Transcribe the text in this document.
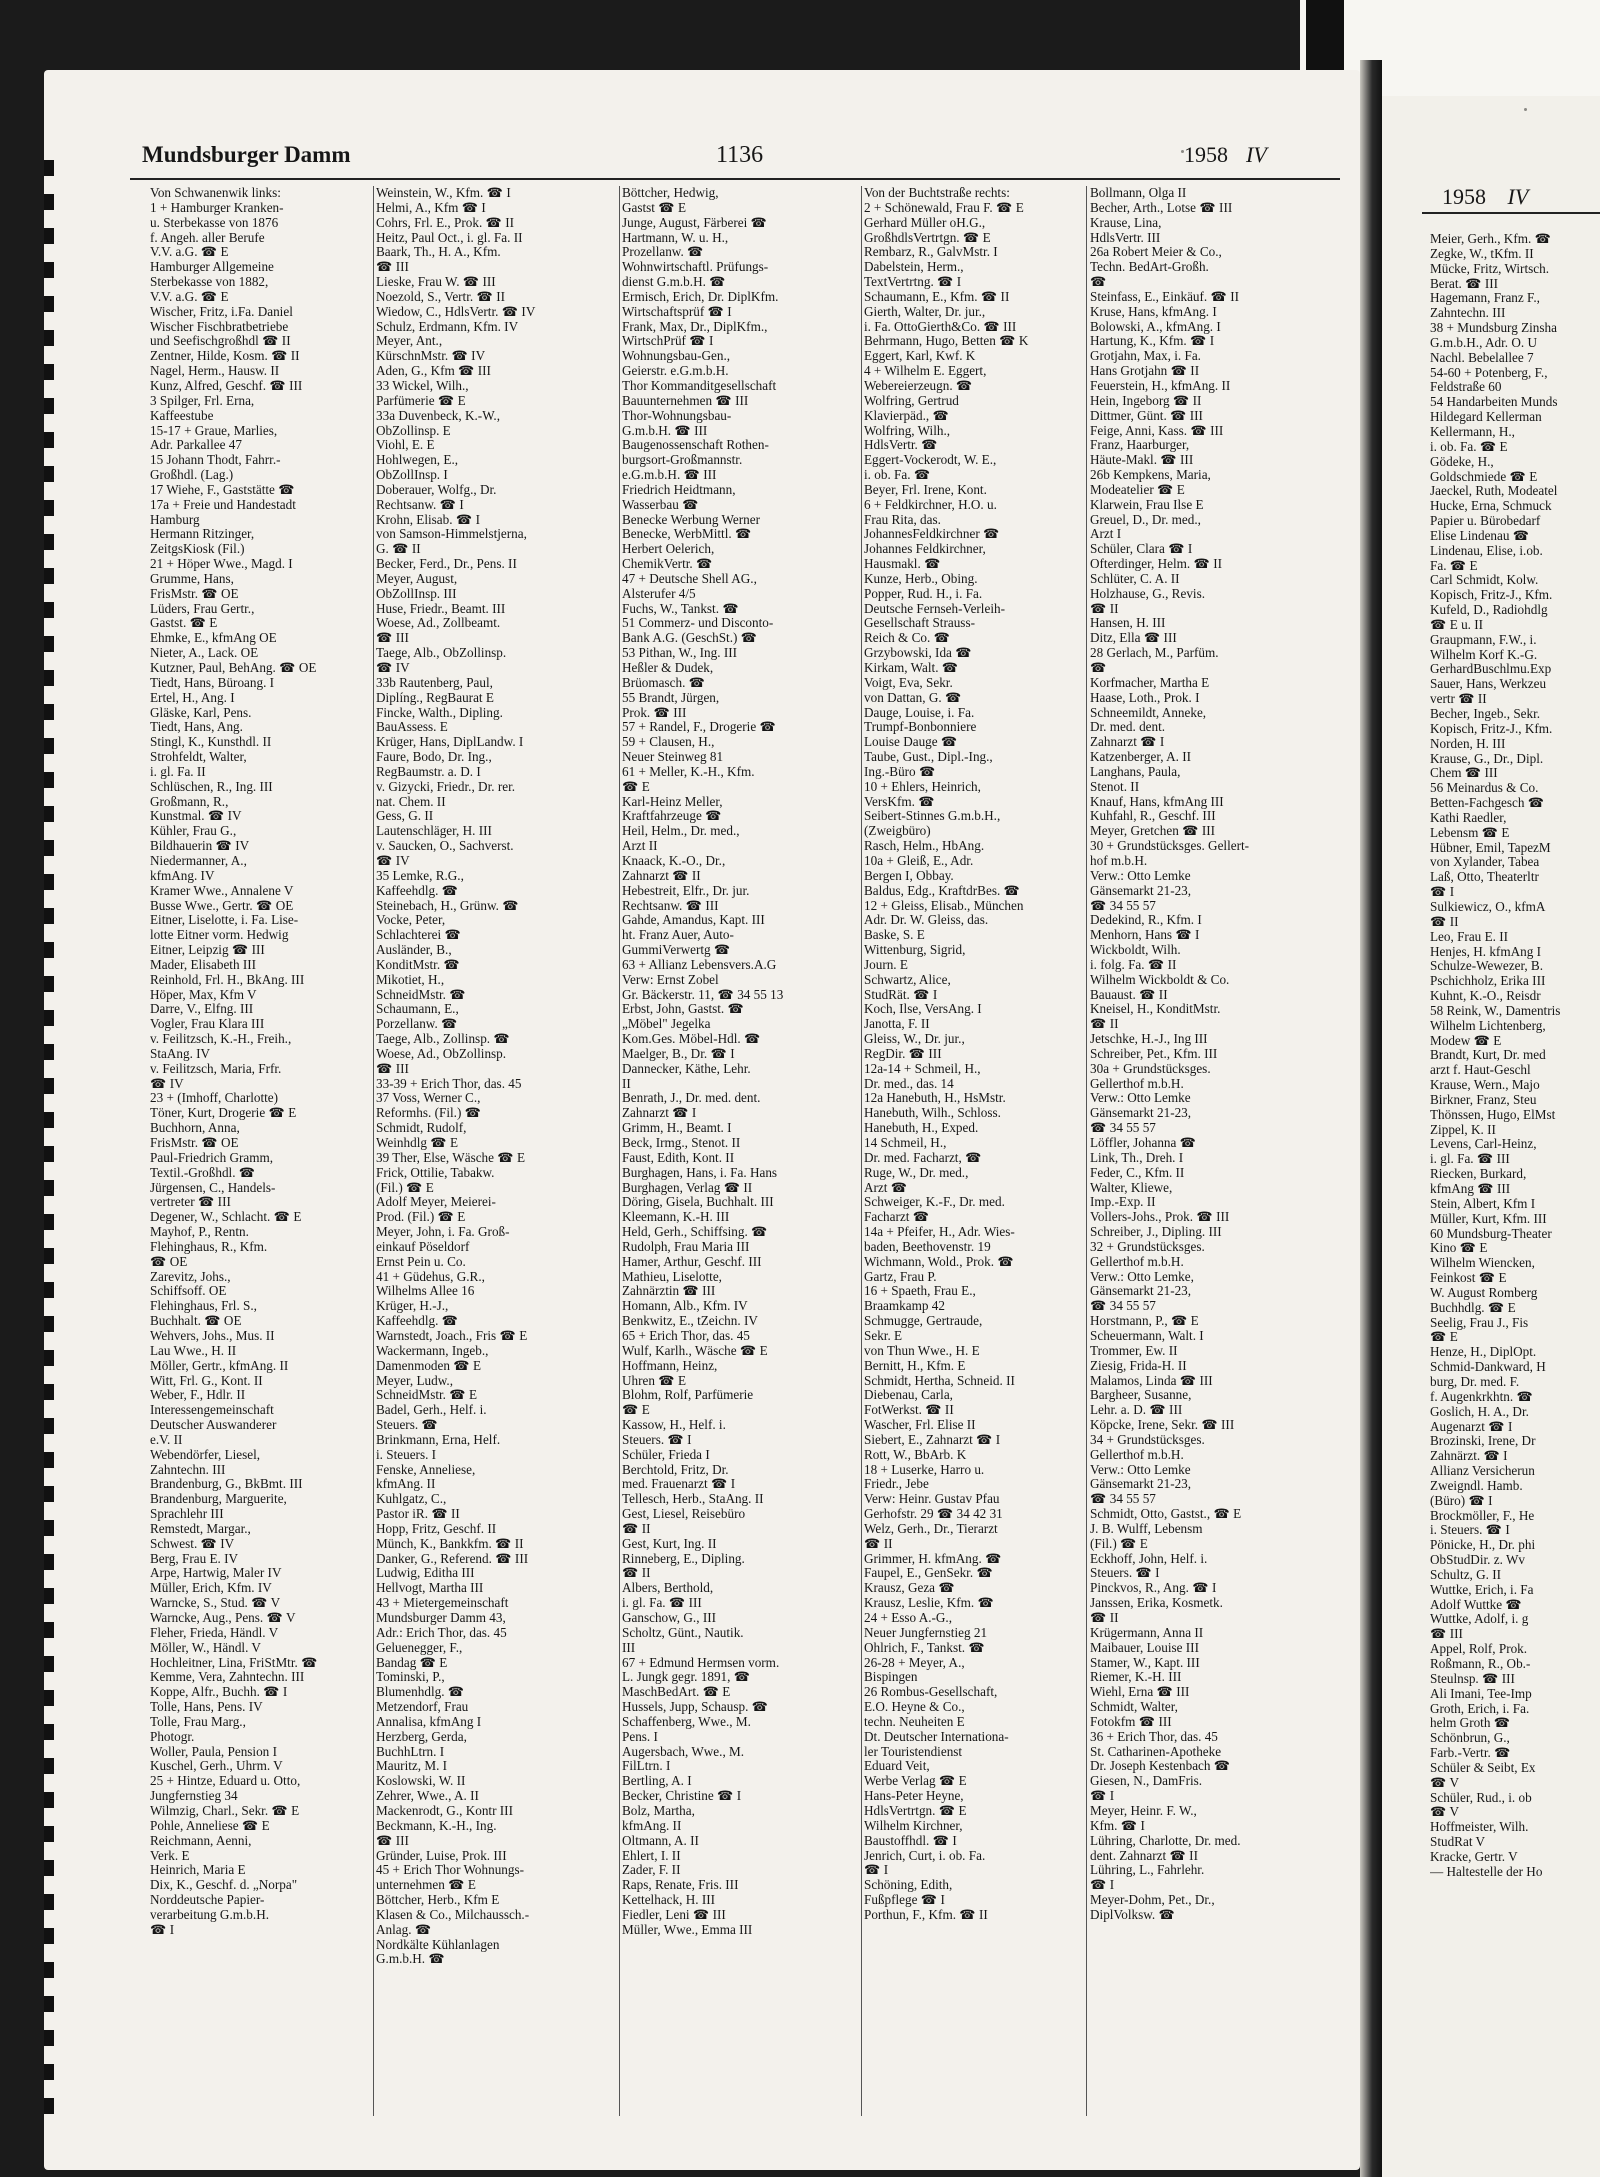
Mundsburger Damm	1136	1958 IV
1958 IV
Von Schwanenwik links:
1 + Hamburger Kranken-
u. Sterbekasse von 1876
f. Angeh. aller Berufe
V.V. a.G. ☎ E
Hamburger Allgemeine
Sterbekasse von 1882,
V.V. a.G. ☎ E
Wischer, Fritz, i.Fa. Daniel
Wischer Fischbratbetriebe
und Seefischgroßhdl ☎ II
Zentner, Hilde, Kosm. ☎ II
Nagel, Herm., Hausw. II
Kunz, Alfred, Geschf. ☎ III
3 Spilger, Frl. Erna,
Kaffeestube
15-17 + Graue, Marlies,
Adr. Parkallee 47
15 Johann Thodt, Fahrr.-
Großhdl. (Lag.)
17 Wiehe, F., Gaststätte ☎
17a + Freie und Handestadt
Hamburg
Hermann Ritzinger,
ZeitgsKiosk (Fil.)
21 + Höper Wwe., Magd. I
Grumme, Hans,
FrisMstr. ☎ OE
Lüders, Frau Gertr.,
Gastst. ☎ E
Ehmke, E., kfmAng OE
Nieter, A., Lack. OE
Kutzner, Paul, BehAng. ☎ OE
Tiedt, Hans, Büroang. I
Ertel, H., Ang. I
Gläske, Karl, Pens.
Tiedt, Hans, Ang.
Stingl, K., Kunsthdl. II
Strohfeldt, Walter,
i. gl. Fa. II
Schlüschen, R., Ing. III
Großmann, R.,
Kunstmal. ☎ IV
Kühler, Frau G.,
Bildhauerin ☎ IV
Niedermanner, A.,
kfmAng. IV
Kramer Wwe., Annalene V
Busse Wwe., Gertr. ☎ OE
Eitner, Liselotte, i. Fa. Lise-
lotte Eitner vorm. Hedwig
Eitner, Leipzig ☎ III
Mader, Elisabeth III
Reinhold, Frl. H., BkAng. III
Höper, Max, Kfm V
Darre, V., Elfng. III
Vogler, Frau Klara III
v. Feilitzsch, K.-H., Freih.,
StaAng. IV
v. Feilitzsch, Maria, Frfr.
☎ IV
23 + (Imhoff, Charlotte)
Töner, Kurt, Drogerie ☎ E
Buchhorn, Anna,
FrisMstr. ☎ OE
Paul-Friedrich Gramm,
Textil.-Großhdl. ☎
Jürgensen, C., Handels-
vertreter ☎ III
Degener, W., Schlacht. ☎ E
Mayhof, P., Rentn.
Flehinghaus, R., Kfm.
☎ OE
Zarevitz, Johs.,
Schiffsoff. OE
Flehinghaus, Frl. S.,
Buchhalt. ☎ OE
Wehvers, Johs., Mus. II
Lau Wwe., H. II
Möller, Gertr., kfmAng. II
Witt, Frl. G., Kont. II
Weber, F., Hdlr. II
Interessengemeinschaft
Deutscher Auswanderer
e.V. II
Webendörfer, Liesel,
Zahntechn. III
Brandenburg, G., BkBmt. III
Brandenburg, Marguerite,
Sprachlehr III
Remstedt, Margar.,
Schwest. ☎ IV
Berg, Frau E. IV
Arpe, Hartwig, Maler IV
Müller, Erich, Kfm. IV
Warncke, S., Stud. ☎ V
Warncke, Aug., Pens. ☎ V
Fleher, Frieda, Händl. V
Möller, W., Händl. V
Hochleitner, Lina, FriStMtr. ☎
Kemme, Vera, Zahntechn. III
Koppe, Alfr., Buchh. ☎ I
Tolle, Hans, Pens. IV
Tolle, Frau Marg.,
Photogr.
Woller, Paula, Pension I
Kuschel, Gerh., Uhrm. V
25 + Hintze, Eduard u. Otto,
Jungfernstieg 34
Wilmzig, Charl., Sekr. ☎ E
Pohle, Anneliese ☎ E
Reichmann, Aenni,
Verk. E
Heinrich, Maria E
Dix, K., Geschf. d. „Norpa"
Norddeutsche Papier-
verarbeitung G.m.b.H.
☎ I
Weinstein, W., Kfm. ☎ I
Helmi, A., Kfm ☎ I
Cohrs, Frl. E., Prok. ☎ II
Heitz, Paul Oct., i. gl. Fa. II
Baark, Th., H. A., Kfm.
☎ III
Lieske, Frau W. ☎ III
Noezold, S., Vertr. ☎ II
Wiedow, C., HdlsVertr. ☎ IV
Schulz, Erdmann, Kfm. IV
Meyer, Ant.,
KürschnMstr. ☎ IV
Aden, G., Kfm ☎ III
33 Wickel, Wilh.,
Parfümerie ☎ E
33a Duvenbeck, K.-W.,
ObZollinsp. E
Viohl, E. E
Hohlwegen, E.,
ObZollInsp. I
Doberauer, Wolfg., Dr.
Rechtsanw. ☎ I
Krohn, Elisab. ☎ I
von Samson-Himmelstjerna,
G. ☎ II
Becker, Ferd., Dr., Pens. II
Meyer, August,
ObZollInsp. III
Huse, Friedr., Beamt. III
Woese, Ad., Zollbeamt.
☎ III
Taege, Alb., ObZollinsp.
☎ IV
33b Rautenberg, Paul,
Diplíng., RegBaurat E
Fincke, Walth., Dipling.
BauAssess. E
Krüger, Hans, DiplLandw. I
Faure, Bodo, Dr. Ing.,
RegBaumstr. a. D. I
v. Gizycki, Friedr., Dr. rer.
nat. Chem. II
Gess, G. II
Lautenschläger, H. III
v. Saucken, O., Sachverst.
☎ IV
35 Lemke, R.G.,
Kaffeehdlg. ☎
Steinebach, H., Grünw. ☎
Vocke, Peter,
Schlachterei ☎
Ausländer, B.,
KonditMstr. ☎
Mikotiet, H.,
SchneidMstr. ☎
Schaumann, E.,
Porzellanw. ☎
Taege, Alb., Zollinsp. ☎
Woese, Ad., ObZollinsp.
☎ III
33-39 + Erich Thor, das. 45
37 Voss, Werner C.,
Reformhs. (Fil.) ☎
Schmidt, Rudolf,
Weinhdlg ☎ E
39 Ther, Else, Wäsche ☎ E
Frick, Ottilie, Tabakw.
(Fil.) ☎ E
Adolf Meyer, Meierei-
Prod. (Fil.) ☎ E
Meyer, John, i. Fa. Groß-
einkauf Pöseldorf
Ernst Pein u. Co.
41 + Güdehus, G.R.,
Wilhelms Allee 16
Krüger, H.-J.,
Kaffeehdlg. ☎
Warnstedt, Joach., Fris ☎ E
Wackermann, Ingeb.,
Damenmoden ☎ E
Meyer, Ludw.,
SchneidMstr. ☎ E
Badel, Gerh., Helf. i.
Steuers. ☎
Brinkmann, Erna, Helf.
i. Steuers. I
Fenske, Anneliese,
kfmAng. II
Kuhlgatz, C.,
Pastor iR. ☎ II
Hopp, Fritz, Geschf. II
Münch, K., Bankkfm. ☎ II
Danker, G., Referend. ☎ III
Ludwig, Editha III
Hellvogt, Martha III
43 + Mietergemeinschaft
Mundsburger Damm 43,
Adr.: Erich Thor, das. 45
Geluenegger, F.,
Bandag ☎ E
Tominski, P.,
Blumenhdlg. ☎
Metzendorf, Frau
Annalisa, kfmAng I
Herzberg, Gerda,
BuchhLtrn. I
Mauritz, M. I
Koslowski, W. II
Zehrer, Wwe., A. II
Mackenrodt, G., Kontr III
Beckmann, K.-H., Ing.
☎ III
Gründer, Luise, Prok. III
45 + Erich Thor Wohnungs-
unternehmen ☎ E
Böttcher, Herb., Kfm E
Klasen & Co., Milchaussch.-
Anlag. ☎
Nordkälte Kühlanlagen
G.m.b.H. ☎
Böttcher, Hedwig,
Gastst ☎ E
Junge, August, Färberei ☎
Hartmann, W. u. H.,
Prozellanw. ☎
Wohnwirtschaftl. Prüfungs-
dienst G.m.b.H. ☎
Ermisch, Erich, Dr. DiplKfm.
Wirtschaftsprüf ☎ I
Frank, Max, Dr., DiplKfm.,
WirtschPrüf ☎ I
Wohnungsbau-Gen.,
Geierstr. e.G.m.b.H.
Thor Kommanditgesellschaft
Bauunternehmen ☎ III
Thor-Wohnungsbau-
G.m.b.H. ☎ III
Baugenossenschaft Rothen-
burgsort-Großmannstr.
e.G.m.b.H. ☎ III
Friedrich Heidtmann,
Wasserbau ☎
Benecke Werbung Werner
Benecke, WerbMittl. ☎
Herbert Oelerich,
ChemikVertr. ☎
47 + Deutsche Shell AG.,
Alsterufer 4/5
Fuchs, W., Tankst. ☎
51 Commerz- und Disconto-
Bank A.G. (GeschSt.) ☎
53 Pithan, W., Ing. III
Heßler & Dudek,
Brüomasch. ☎
55 Brandt, Jürgen,
Prok. ☎ III
57 + Randel, F., Drogerie ☎
59 + Clausen, H.,
Neuer Steinweg 81
61 + Meller, K.-H., Kfm.
☎ E
Karl-Heinz Meller,
Kraftfahrzeuge ☎
Heil, Helm., Dr. med.,
Arzt II
Knaack, K.-O., Dr.,
Zahnarzt ☎ II
Hebestreit, Elfr., Dr. jur.
Rechtsanw. ☎ III
Gahde, Amandus, Kapt. III
ht. Franz Auer, Auto-
GummiVerwertg ☎
63 + Allianz Lebensvers.A.G
Verw: Ernst Zobel
Gr. Bäckerstr. 11, ☎ 34 55 13
Erbst, John, Gastst. ☎
„Möbel" Jegelka
Kom.Ges. Möbel-Hdl. ☎
Maelger, B., Dr. ☎ I
Dannecker, Käthe, Lehr.
II
Benrath, J., Dr. med. dent.
Zahnarzt ☎ I
Grimm, H., Beamt. I
Beck, Irmg., Stenot. II
Faust, Edith, Kont. II
Burghagen, Hans, i. Fa. Hans
Burghagen, Verlag ☎ II
Döring, Gisela, Buchhalt. III
Kleemann, K.-H. III
Held, Gerh., Schiffsing. ☎
Rudolph, Frau Maria III
Hamer, Arthur, Geschf. III
Mathieu, Liselotte,
Zahnärztin ☎ III
Homann, Alb., Kfm. IV
Benkwitz, E., tZeichn. IV
65 + Erich Thor, das. 45
Wulf, Karlh., Wäsche ☎ E
Hoffmann, Heinz,
Uhren ☎ E
Blohm, Rolf, Parfümerie
☎ E
Kassow, H., Helf. i.
Steuers. ☎ I
Schüler, Frieda I
Berchtold, Fritz, Dr.
med. Frauenarzt ☎ I
Tellesch, Herb., StaAng. II
Gest, Liesel, Reisebüro
☎ II
Gest, Kurt, Ing. II
Rinneberg, E., Dipling.
☎ II
Albers, Berthold,
i. gl. Fa. ☎ III
Ganschow, G., III
Scholtz, Günt., Nautik.
III
67 + Edmund Hermsen vorm.
L. Jungk gegr. 1891, ☎
MaschBedArt. ☎ E
Hussels, Jupp, Schausp. ☎
Schaffenberg, Wwe., M.
Pens. I
Augersbach, Wwe., M.
FilLtrn. I
Bertling, A. I
Becker, Christine ☎ I
Bolz, Martha,
kfmAng. II
Oltmann, A. II
Ehlert, I. II
Zader, F. II
Raps, Renate, Fris. III
Kettelhack, H. III
Fiedler, Leni ☎ III
Müller, Wwe., Emma III
Von der Buchtstraße rechts:
2 + Schönewald, Frau F. ☎ E
Gerhard Müller oH.G.,
GroßhdlsVertrtgn. ☎ E
Rembarz, R., GalvMstr. I
Dabelstein, Herm.,
TextVertrtng. ☎ I
Schaumann, E., Kfm. ☎ II
Gierth, Walter, Dr. jur.,
i. Fa. OttoGierth&Co. ☎ III
Behrmann, Hugo, Betten ☎ K
Eggert, Karl, Kwf. K
4 + Wilhelm E. Eggert,
Webereierzeugn. ☎
Wolfring, Gertrud
Klavierpäd., ☎
Wolfring, Wilh.,
HdlsVertr. ☎
Eggert-Vockerodt, W. E.,
i. ob. Fa. ☎
Beyer, Frl. Irene, Kont.
6 + Feldkirchner, H.O. u.
Frau Rita, das.
JohannesFeldkirchner ☎
Johannes Feldkirchner,
Hausmakl. ☎
Kunze, Herb., Obing.
Popper, Rud. H., i. Fa.
Deutsche Fernseh-Verleih-
Gesellschaft Strauss-
Reich & Co. ☎
Grzybowski, Ida ☎
Kirkam, Walt. ☎
Voigt, Eva, Sekr.
von Dattan, G. ☎
Dauge, Louise, i. Fa.
Trumpf-Bonbonniere
Louise Dauge ☎
Taube, Gust., Dipl.-Ing.,
Ing.-Büro ☎
10 + Ehlers, Heinrich,
VersKfm. ☎
Seibert-Stinnes G.m.b.H.,
(Zweigbüro)
Rasch, Helm., HbAng.
10a + Gleiß, E., Adr.
Bergen I, Obbay.
Baldus, Edg., KraftdrBes. ☎
12 + Gleiss, Elisab., München
Adr. Dr. W. Gleiss, das.
Baske, S. E
Wittenburg, Sigrid,
Journ. E
Schwartz, Alice,
StudRät. ☎ I
Koch, Ilse, VersAng. I
Janotta, F. II
Gleiss, W., Dr. jur.,
RegDir. ☎ III
12a-14 + Schmeil, H.,
Dr. med., das. 14
12a Hanebuth, H., HsMstr.
Hanebuth, Wilh., Schloss.
Hanebuth, H., Exped.
14 Schmeil, H.,
Dr. med. Facharzt, ☎
Ruge, W., Dr. med.,
Arzt ☎
Schweiger, K.-F., Dr. med.
Facharzt ☎
14a + Pfeifer, H., Adr. Wies-
baden, Beethovenstr. 19
Wichmann, Wold., Prok. ☎
Gartz, Frau P.
16 + Spaeth, Frau E.,
Braamkamp 42
Schmugge, Gertraude,
Sekr. E
von Thun Wwe., H. E
Bernitt, H., Kfm. E
Schmidt, Hertha, Schneid. II
Diebenau, Carla,
FotWerkst. ☎ II
Wascher, Frl. Elise II
Siebert, E., Zahnarzt ☎ I
Rott, W., BbArb. K
18 + Luserke, Harro u.
Friedr., Jebe
Verw: Heinr. Gustav Pfau
Gerhofstr. 29 ☎ 34 42 31
Welz, Gerh., Dr., Tierarzt
☎ II
Grimmer, H. kfmAng. ☎
Faupel, E., GenSekr. ☎
Krausz, Geza ☎
Krausz, Leslie, Kfm. ☎
24 + Esso A.-G.,
Neuer Jungfernstieg 21
Ohlrich, F., Tankst. ☎
26-28 + Meyer, A.,
Bispingen
26 Rombus-Gesellschaft,
E.O. Heyne & Co.,
techn. Neuheiten E
Dt. Deutscher Internationa-
ler Touristendienst
Eduard Veit,
Werbe Verlag ☎ E
Hans-Peter Heyne,
HdlsVertrtgn. ☎ E
Wilhelm Kirchner,
Baustoffhdl. ☎ I
Jenrich, Curt, i. ob. Fa.
☎ I
Schöning, Edith,
Fußpflege ☎ I
Porthun, F., Kfm. ☎ II
Bollmann, Olga II
Becher, Arth., Lotse ☎ III
Krause, Lina,
HdlsVertr. III
26a Robert Meier & Co.,
Techn. BedArt-Großh.
☎
Steinfass, E., Einkäuf. ☎ II
Kruse, Hans, kfmAng. I
Bolowski, A., kfmAng. I
Hartung, K., Kfm. ☎ I
Grotjahn, Max, i. Fa.
Hans Grotjahn ☎ II
Feuerstein, H., kfmAng. II
Hein, Ingeborg ☎ II
Dittmer, Günt. ☎ III
Feige, Anni, Kass. ☎ III
Franz, Haarburger,
Häute-Makl. ☎ III
26b Kempkens, Maria,
Modeatelier ☎ E
Klarwein, Frau Ilse E
Greuel, D., Dr. med.,
Arzt I
Schüler, Clara ☎ I
Ofterdinger, Helm. ☎ II
Schlüter, C. A. II
Holzhause, G., Revis.
☎ II
Hansen, H. III
Ditz, Ella ☎ III
28 Gerlach, M., Parfüm.
☎
Korfmacher, Martha E
Haase, Loth., Prok. I
Schneemildt, Anneke,
Dr. med. dent.
Zahnarzt ☎ I
Katzenberger, A. II
Langhans, Paula,
Stenot. II
Knauf, Hans, kfmAng III
Kuhfahl, R., Geschf. III
Meyer, Gretchen ☎ III
30 + Grundstücksges. Gellert-
hof m.b.H.
Verw.: Otto Lemke
Gänsemarkt 21-23,
☎ 34 55 57
Dedekind, R., Kfm. I
Menhorn, Hans ☎ I
Wickboldt, Wilh.
i. folg. Fa. ☎ II
Wilhelm Wickboldt & Co.
Bauaust. ☎ II
Kneisel, H., KonditMstr.
☎ II
Jetschke, H.-J., Ing III
Schreiber, Pet., Kfm. III
30a + Grundstücksges.
Gellerthof m.b.H.
Verw.: Otto Lemke
Gänsemarkt 21-23,
☎ 34 55 57
Löffler, Johanna ☎
Link, Th., Dreh. I
Feder, C., Kfm. II
Walter, Kliewe,
Imp.-Exp. II
Vollers-Johs., Prok. ☎ III
Schreiber, J., Dipling. III
32 + Grundstücksges.
Gellerthof m.b.H.
Verw.: Otto Lemke,
Gänsemarkt 21-23,
☎ 34 55 57
Horstmann, P., ☎ E
Scheuermann, Walt. I
Trommer, Ew. II
Ziesig, Frida-H. II
Malamos, Linda ☎ III
Bargheer, Susanne,
Lehr. a. D. ☎ III
Köpcke, Irene, Sekr. ☎ III
34 + Grundstücksges.
Gellerthof m.b.H.
Verw.: Otto Lemke
Gänsemarkt 21-23,
☎ 34 55 57
Schmidt, Otto, Gastst., ☎ E
J. B. Wulff, Lebensm
(Fil.) ☎ E
Eckhoff, John, Helf. i.
Steuers. ☎ I
Pinckvos, R., Ang. ☎ I
Janssen, Erika, Kosmetk.
☎ II
Krügermann, Anna II
Maibauer, Louise III
Stamer, W., Kapt. III
Riemer, K.-H. III
Wiehl, Erna ☎ III
Schmidt, Walter,
Fotokfm ☎ III
36 + Erich Thor, das. 45
St. Catharinen-Apotheke
Dr. Joseph Kestenbach ☎
Giesen, N., DamFris.
☎ I
Meyer, Heinr. F. W.,
Kfm. ☎ I
Lühring, Charlotte, Dr. med.
dent. Zahnarzt ☎ II
Lühring, L., Fahrlehr.
☎ I
Meyer-Dohm, Pet., Dr.,
DiplVolksw. ☎
Meier, Gerh., Kfm. ☎
Zegke, W., tKfm. II
Mücke, Fritz, Wirtsch.
Berat. ☎ III
Hagemann, Franz F.,
Zahntechn. III
38 + Mundsburg Zinsha
G.m.b.H., Adr. O. U
Nachl. Bebelallee 7
54-60 + Potenberg, F.,
Feldstraße 60
54 Handarbeiten Munds
Hildegard Kellerman
Kellermann, H.,
i. ob. Fa. ☎ E
Gödeke, H.,
Goldschmiede ☎ E
Jaeckel, Ruth, Modeatel
Hucke, Erna, Schmuck
Papier u. Bürobedarf
Elise Lindenau ☎
Lindenau, Elise, i.ob.
Fa. ☎ E
Carl Schmidt, Kolw.
Kopisch, Fritz-J., Kfm.
Kufeld, D., Radiohdlg
☎ E u. II
Graupmann, F.W., i.
Wilhelm Korf K.-G.
GerhardBuschlmu.Exp
Sauer, Hans, Werkzeu
vertr ☎ II
Becher, Ingeb., Sekr.
Kopisch, Fritz-J., Kfm.
Norden, H. III
Krause, G., Dr., Dipl.
Chem ☎ III
56 Meinardus & Co.
Betten-Fachgesch ☎
Kathi Raedler,
Lebensm ☎ E
Hübner, Emil, TapezM
von Xylander, Tabea
Laß, Otto, Theaterltr
☎ I
Sulkiewicz, O., kfmA
☎ II
Leo, Frau E. II
Henjes, H. kfmAng I
Schulze-Wewezer, B.
Pschichholz, Erika III
Kuhnt, K.-O., Reisdr
58 Reink, W., Damentris
Wilhelm Lichtenberg,
Modew ☎ E
Brandt, Kurt, Dr. med
arzt f. Haut-Geschl
Krause, Wern., Majo
Birkner, Franz, Steu
Thönssen, Hugo, ElMst
Zippel, K. II
Levens, Carl-Heinz,
i. gl. Fa. ☎ III
Riecken, Burkard,
kfmAng ☎ III
Stein, Albert, Kfm I
Müller, Kurt, Kfm. III
60 Mundsburg-Theater
Kino ☎ E
Wilhelm Wiencken,
Feinkost ☎ E
W. August Romberg
Buchhdlg. ☎ E
Seelig, Frau J., Fis
☎ E
Henze, H., DiplOpt.
Schmid-Dankward, H
burg, Dr. med. F.
f. Augenkrkhtn. ☎
Goslich, H. A., Dr.
Augenarzt ☎ I
Brozinski, Irene, Dr
Zahnärzt. ☎ I
Allianz Versicherun
Zweigndl. Hamb.
(Büro) ☎ I
Brockmöller, F., He
i. Steuers. ☎ I
Pönicke, H., Dr. phi
ObStudDir. z. Wv
Schultz, G. II
Wuttke, Erich, i. Fa
Adolf Wuttke ☎
Wuttke, Adolf, i. g
☎ III
Appel, Rolf, Prok.
Roßmann, R., Ob.-
Steulnsp. ☎ III
Ali Imani, Tee-Imp
Groth, Erich, i. Fa.
helm Groth ☎
Schönbrun, G.,
Farb.-Vertr. ☎
Schüler & Seibt, Ex
☎ V
Schüler, Rud., i. ob
☎ V
Hoffmeister, Wilh.
StudRat V
Kracke, Gertr. V
— Haltestelle der Ho
